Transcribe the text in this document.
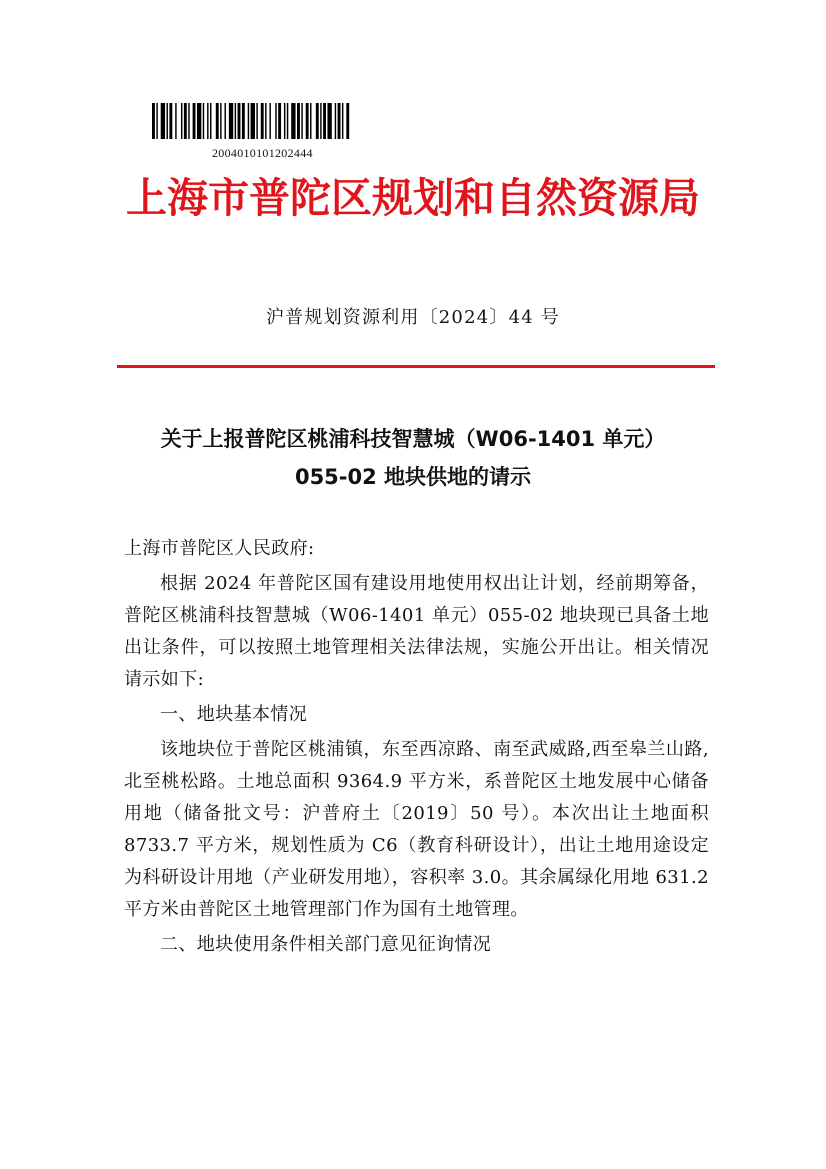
2004010101202444
上海市普陀区规划和自然资源局
沪普规划资源利用〔2024〕44 号
关于上报普陀区桃浦科技智慧城（W06-1401 单元）
055-02 地块供地的请示

上海市普陀区人民政府:

根据 2024 年普陀区国有建设用地使用权出让计划，经前期筹备，普陀区桃浦科技智慧城（W06-1401 单元）055-02 地块现已具备土地出让条件，可以按照土地管理相关法律法规，实施公开出让。相关情况请示如下:

一、地块基本情况

该地块位于普陀区桃浦镇，东至西凉路、南至武威路,西至皋兰山路,北至桃松路。土地总面积 9364.9 平方米，系普陀区土地发展中心储备用地（储备批文号：沪普府土〔2019〕50 号）。本次出让土地面积 8733.7 平方米，规划性质为 C6（教育科研设计），出让土地用途设定为科研设计用地（产业研发用地），容积率 3.0。其余属绿化用地 631.2 平方米由普陀区土地管理部门作为国有土地管理。

二、地块使用条件相关部门意见征询情况
